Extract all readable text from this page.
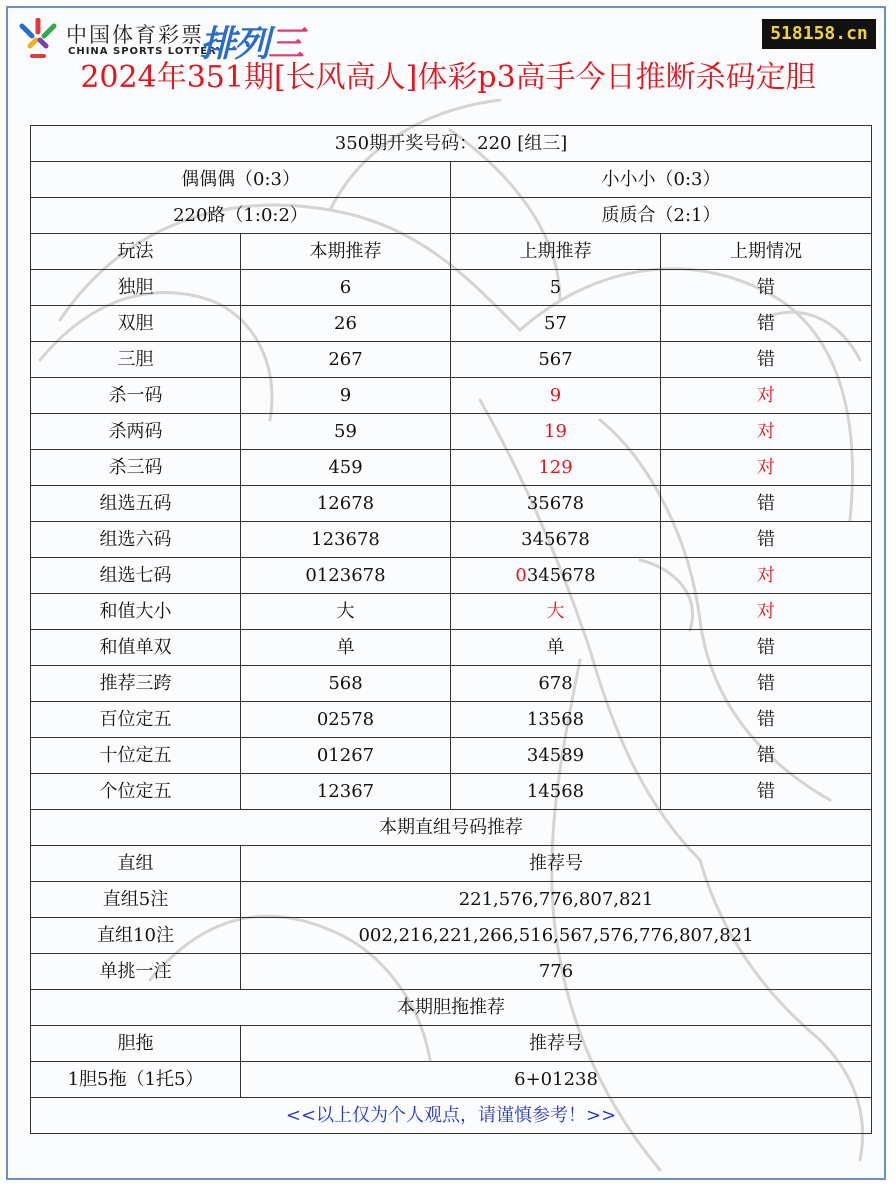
中国体育彩票
CHINA SPORTS LOTTERY
排列三	518158.cn
2024年351期[长风高人]体彩p3高手今日推断杀码定胆
350期开奖号码：220 [组三]			
偶偶偶（0:3）		小小小（0:3）	
220路（1:0:2）		质质合（2:1）	
玩法	本期推荐	上期推荐	上期情况
独胆	6	5	错
双胆	26	57	错
三胆	267	567	错
杀一码	9	9	对
杀两码	59	19	对
杀三码	459	129	对
组选五码	12678	35678	错
组选六码	123678	345678	错
组选七码	0123678	0345678	对
和值大小	大	大	对
和值单双	单	单	错
推荐三跨	568	678	错
百位定五	02578	13568	错
十位定五	01267	34589	错
个位定五	12367	14568	错
本期直组号码推荐			
直组	推荐号		
直组5注	221,576,776,807,821		
直组10注	002,216,221,266,516,567,576,776,807,821		
单挑一注	776		
本期胆拖推荐			
胆拖	推荐号		
1胆5拖（1托5）	6+01238		
<<以上仅为个人观点，请谨慎参考！>>			
